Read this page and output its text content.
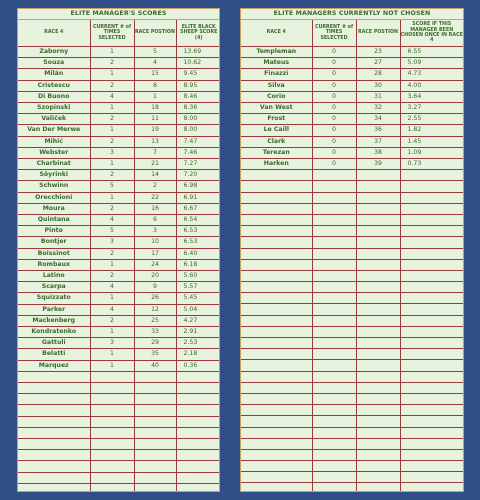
ELITE MANAGER'S SCORES
RACE 4	CURRENT # of TIMES SELECTED	RACE POSTION	ELITE BLACK SHEEP SCORE (4)
Zaborny	1	5	13.69
Souza	2	4	10.62
Milán	1	15	9.45
Cristescu	2	8	8.95
Di Buono	4	1	8.46
Szopinski	1	18	8.36
Valiček	2	11	8.00
Van Der Merwe	1	19	8.00
Mihić	2	13	7.47
Webster	3	7	7.46
Charbinat	1	21	7.27
Sõyrinki	2	14	7.20
Schwinn	5	2	6.98
Orecchioni	1	22	6.91
Moura	2	16	6.67
Quintana	4	6	6.54
Pinto	5	3	6.53
Bontjer	3	10	6.53
Boissinot	2	17	6.40
Rombaux	1	24	6.18
Latino	2	20	5.60
Scarpa	4	9	5.57
Squizzato	1	26	5.45
Parker	4	12	5.04
Mackenberg	2	25	4.27
Kondratenko	1	33	2.91
Gattuli	3	29	2.53
Belatti	1	35	2.18
Marquez	1	40	0.36

ELITE MANAGERS CURRENTLY NOT CHOSEN
RACE 4	CURRENT # of TIMES SELECTED	RACE POSTION	SCORE IF THIS MANAGER BEEN CHOSEN ONCE IN RACE 4
Templeman	0	23	6.55
Mateus	0	27	5.09
Finazzi	0	28	4.73
Silva	0	30	4.00
Corio	0	31	3.64
Van West	0	32	3.27
Frost	0	34	2.55
Le Caill	0	36	1.82
Clark	0	37	1.45
Terezan	0	38	1.09
Harken	0	39	0.73
